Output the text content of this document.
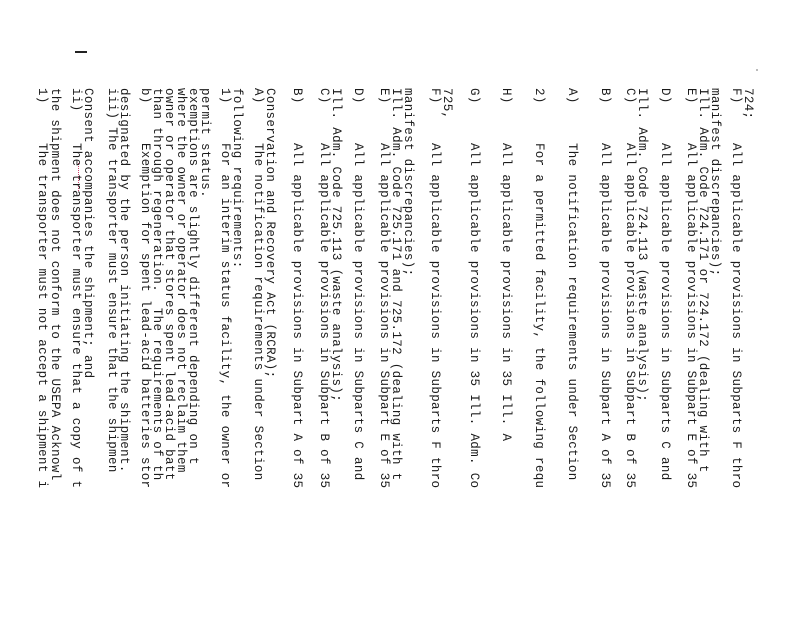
1)     The transporter must not accept a shipment i
the shipment does not conform to the USEPA Acknowl ii)    The transporter must ensure that a copy of t
Consent accompanies the shipment; and iii) The transporter must ensure that the shipmen
designated by the person initiating the shipment. b)     Exemption for spent lead-acid batteries stor
than through regeneration.  The requirements of th
owner or operator that stores spent lead-acid batt
where the owner or operator does not reclaim them
exemptions are slightly different depending on t
permit status. 1)     For an interim status facility, the owner or
following requirements: A)     The notification requirements under Section
Conservation and Recovery Act (RCRA); B)     All applicable provisions in Subpart A of 35 C)     All applicable provisions in Subpart B of 35
Ill. Adm. Code 725.113 (waste analysis); D)     All applicable provisions in Subparts C and E)     All applicable provisions in Subpart E of 35
Ill. Adm. Code 725.171 and 725.172 (dealing with t
manifest discrepancies); F)     All applicable provisions in Subparts F thro
725, G)     All applicable provisions in 35 Ill. Adm. Co H)     All applicable provisions in 35 Ill. A 2)     For a permitted facility, the following requ A)     The notification requirements under Section B)     All applicable provisions in Subpart A of 35 C)     All applicable provisions in Subpart B of 35
Ill. Adm. Code 724.113 (waste analysis); D)     All applicable provisions in Subparts C and E)     All applicable provisions in Subpart E of 35
Ill. Adm. Code 724.171 or 724.172 (dealing with t
manifest discrepancies); F)     All applicable provisions in Subparts F thro
724;
